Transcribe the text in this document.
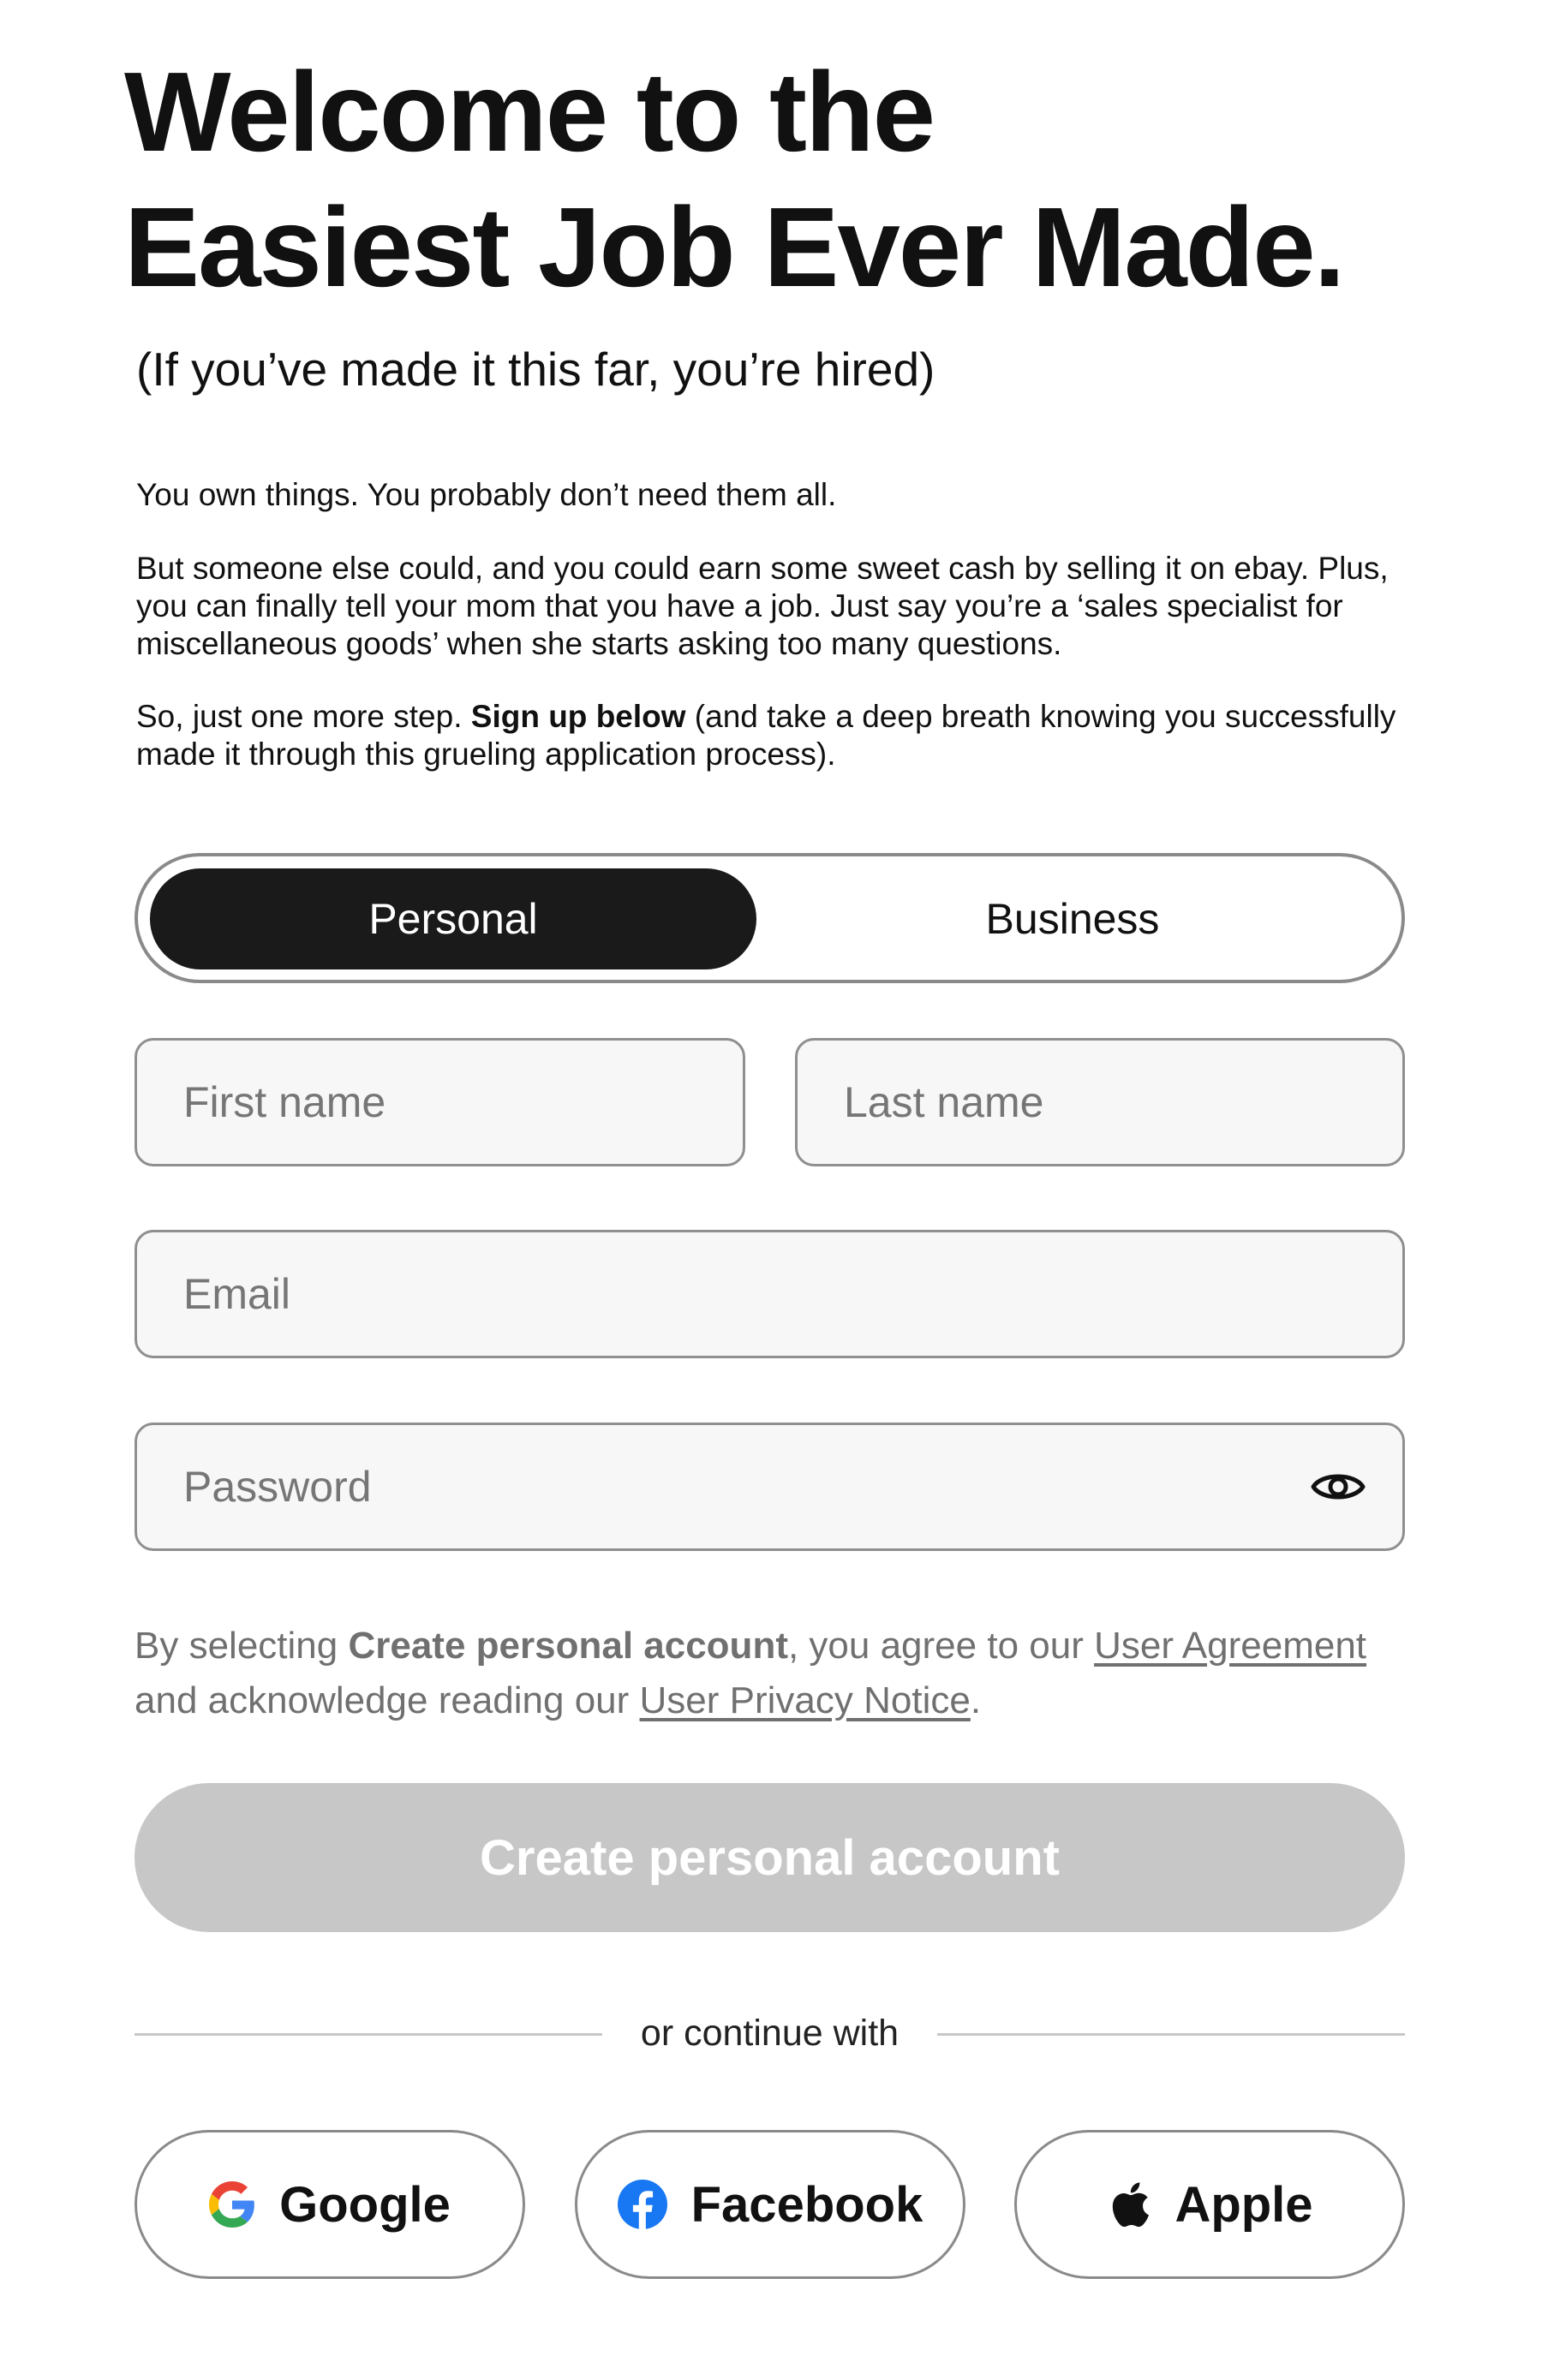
Welcome to the
Easiest Job Ever Made.
(If you’ve made it this far, you’re hired)
You own things. You probably don’t need them all.
But someone else could, and you could earn some sweet cash by selling it on ebay. Plus, you can finally tell your mom that you have a job. Just say you’re a ‘sales specialist for miscellaneous goods’ when she starts asking too many questions.
So, just one more step. Sign up below (and take a deep breath knowing you successfully made it through this grueling application process).
Personal	Business
First name
Last name
Email
By selecting Create personal account, you agree to our User Agreement and acknowledge reading our User Privacy Notice.
Create personal account
or continue with
Google	Facebook	Apple
